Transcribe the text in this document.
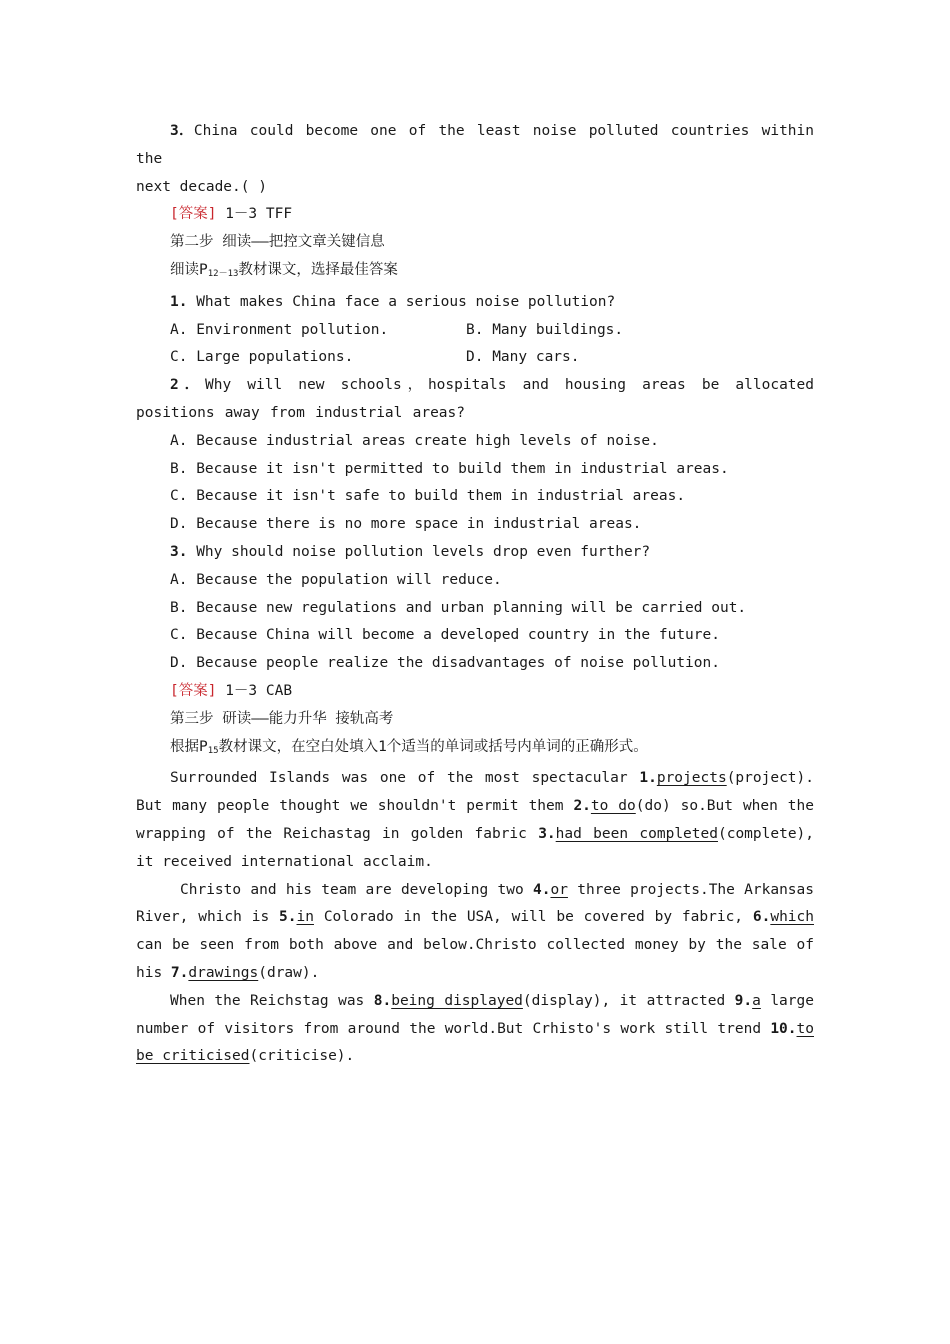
3．China could become one of the least noise polluted countries within the

next decade.( )

[答案] 1－3 TFF

第二步 细读——把控文章关键信息

细读$P_{12-13}$教材课文，选择最佳答案

1. What makes China face a serious noise pollution?

A. Environment pollution.	B. Many buildings.
C. Large populations.	D. Many cars.

2．Why will new schools，hospitals and housing areas be allocated positions away from industrial areas?

A. Because industrial areas create high levels of noise.

B. Because it isn't permitted to build them in industrial areas.

C. Because it isn't safe to build them in industrial areas.

D. Because there is no more space in industrial areas.

3. Why should noise pollution levels drop even further?

A. Because the population will reduce.

B. Because new regulations and urban planning will be carried out.

C. Because China will become a developed country in the future.

D. Because people realize the disadvantages of noise pollution.

[答案] 1－3 CAB

第三步 研读——能力升华 接轨高考

根据$P_{15}$教材课文，在空白处填入1个适当的单词或括号内单词的正确形式。

Surrounded Islands was one of the most spectacular 1.projects(project). But many people thought we shouldn't permit them 2.to do(do) so.But when the wrapping of the Reichastag in golden fabric 3.had been completed(complete), it received international acclaim.

Christo and his team are developing two 4.or three projects.The Arkansas River, which is 5.in Colorado in the USA, will be covered by fabric, 6.which can be seen from both above and below.Christo collected money by the sale of his 7.drawings(draw).

When the Reichstag was 8.being displayed(display), it attracted 9.a large number of visitors from around the world.But Crhisto's work still trend 10.to be criticised(criticise).
